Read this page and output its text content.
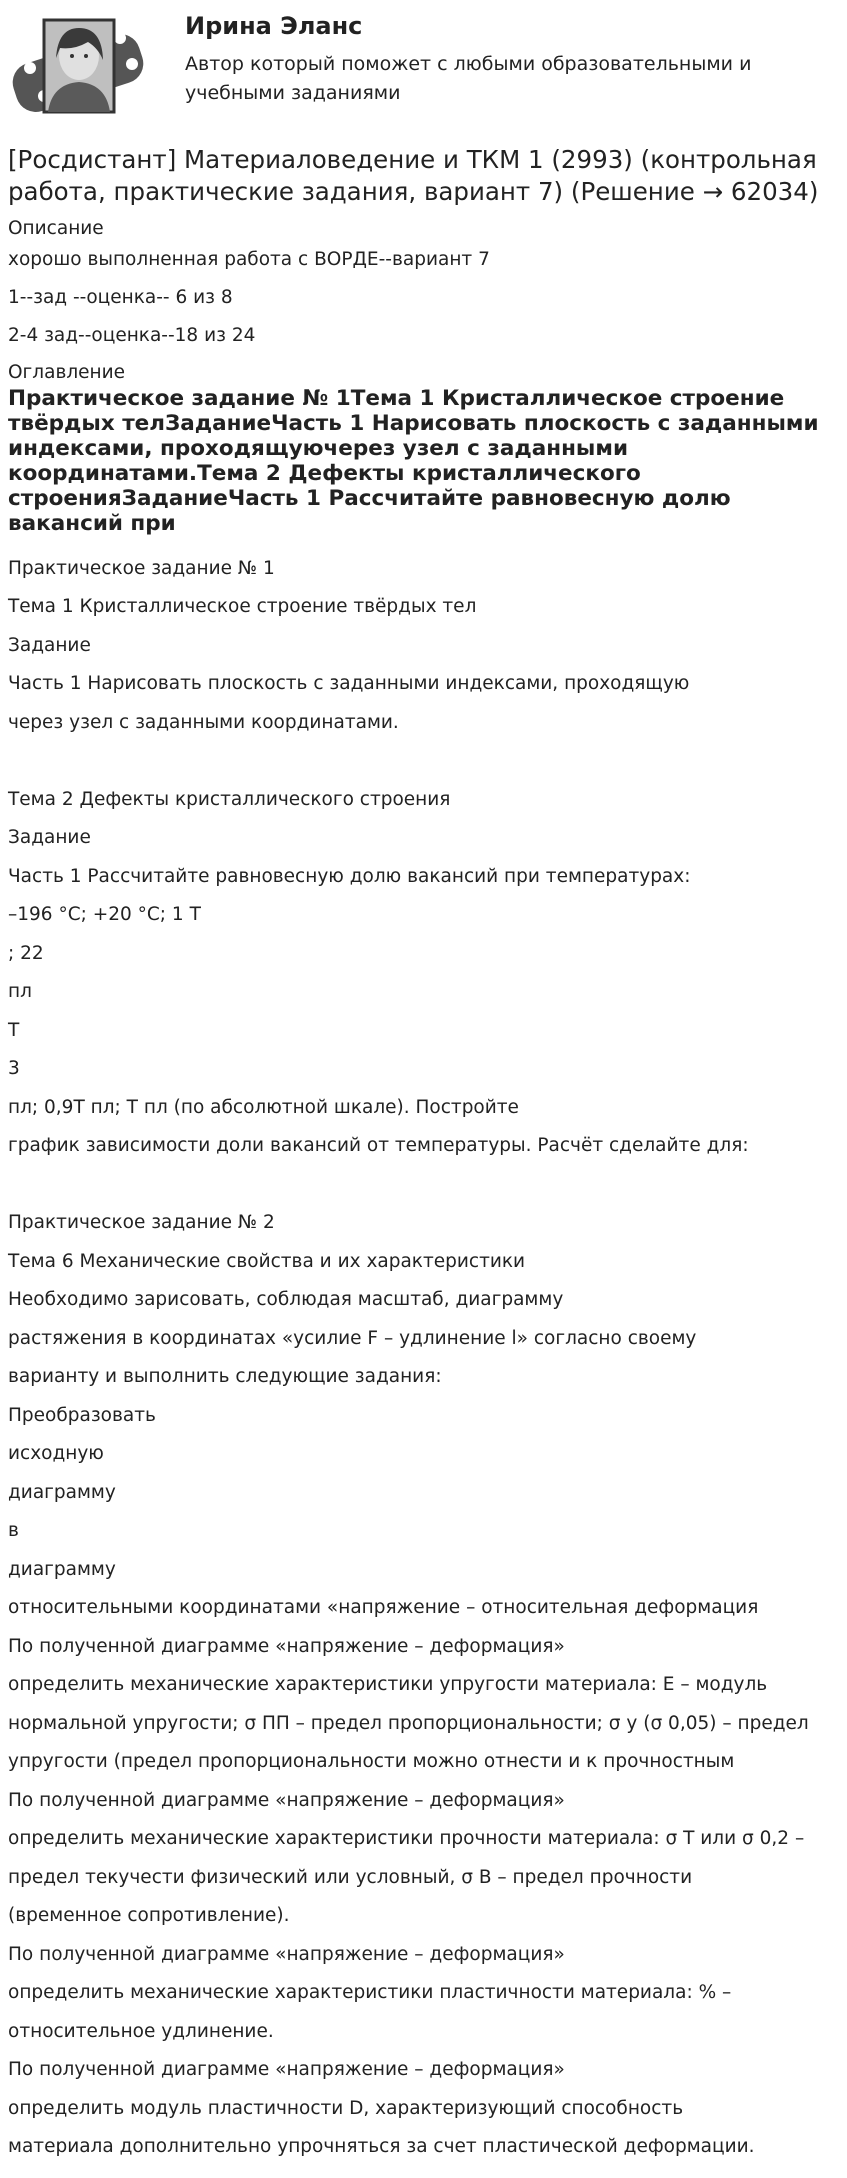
Ирина Эланс
Автор который поможет с любыми образовательными и учебными заданиями
[Росдистант] Материаловедение и ТКМ 1 (2993) (контрольная работа, практические задания, вариант 7) (Решение → 62034)
Описание
хорошо выполненная работа с ВОРДЕ--вариант 7
1--зад --оценка-- 6 из 8
2-4 зад--оценка--18 из 24
Оглавление
Практическое задание № 1Тема 1 Кристаллическое строение твёрдых телЗаданиеЧасть 1 Нарисовать плоскость с заданными индексами, проходящуючерез узел с заданными координатами.Тема 2 Дефекты кристаллического строенияЗаданиеЧасть 1 Рассчитайте равновесную долю вакансий при
Практическое задание № 1
Тема 1 Кристаллическое строение твёрдых тел
Задание
Часть 1 Нарисовать плоскость с заданными индексами, проходящую
через узел с заданными координатами.
Тема 2 Дефекты кристаллического строения
Задание
Часть 1 Рассчитайте равновесную долю вакансий при температурах:
–196 °C; +20 °C; 1 T
; 22
пл
T
3
пл; 0,9T пл; T пл (по абсолютной шкале). Постройте
график зависимости доли вакансий от температуры. Расчёт сделайте для:
Практическое задание № 2
Тема 6 Механические свойства и их характеристики
Необходимо зарисовать, соблюдая масштаб, диаграмму
растяжения в координатах «усилие F – удлинение l» согласно своему
варианту и выполнить следующие задания:
Преобразовать
исходную
диаграмму
в
диаграмму
относительными координатами «напряжение – относительная деформация
По полученной диаграмме «напряжение – деформация»
определить механические характеристики упругости материала: E – модуль
нормальной упругости; σ ПП – предел пропорциональности; σ у (σ 0,05) – предел
упругости (предел пропорциональности можно отнести и к прочностным
По полученной диаграмме «напряжение – деформация»
определить механические характеристики прочности материала: σ Т или σ 0,2 –
предел текучести физический или условный, σ В – предел прочности
(временное сопротивление).
По полученной диаграмме «напряжение – деформация»
определить механические характеристики пластичности материала: % –
относительное удлинение.
По полученной диаграмме «напряжение – деформация»
определить модуль пластичности D, характеризующий способность
материала дополнительно упрочняться за счет пластической деформации.
